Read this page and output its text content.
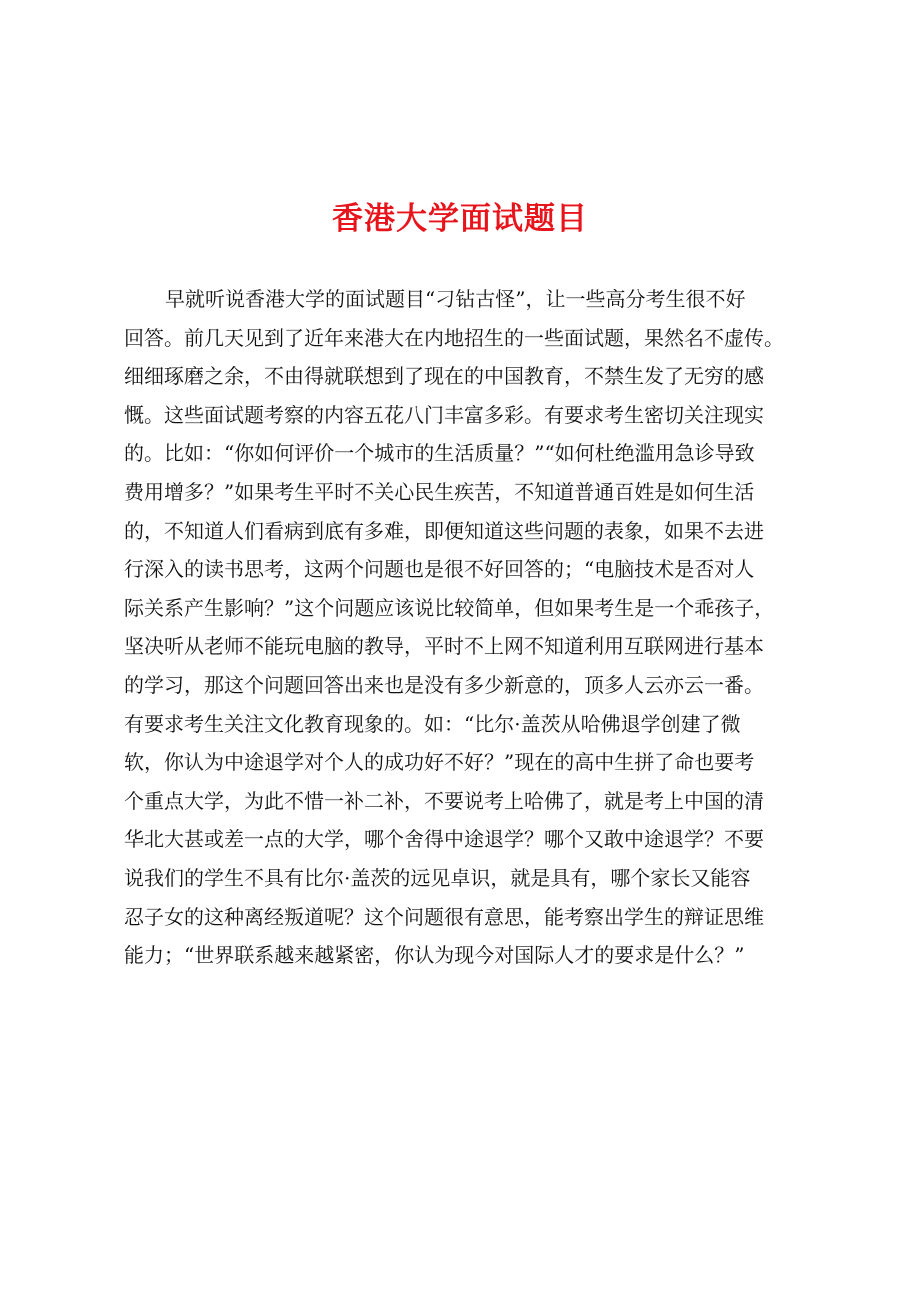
香港大学面试题目
早就听说香港大学的面试题目“刁钻古怪”，让一些高分考生很不好
回答。前几天见到了近年来港大在内地招生的一些面试题，果然名不虚传。
细细琢磨之余，不由得就联想到了现在的中国教育，不禁生发了无穷的感
慨。这些面试题考察的内容五花八门丰富多彩。有要求考生密切关注现实
的。比如：“你如何评价一个城市的生活质量？”“如何杜绝滥用急诊导致
费用增多？”如果考生平时不关心民生疾苦，不知道普通百姓是如何生活
的，不知道人们看病到底有多难，即便知道这些问题的表象，如果不去进
行深入的读书思考，这两个问题也是很不好回答的；“电脑技术是否对人
际关系产生影响？”这个问题应该说比较简单，但如果考生是一个乖孩子，
坚决听从老师不能玩电脑的教导，平时不上网不知道利用互联网进行基本
的学习，那这个问题回答出来也是没有多少新意的，顶多人云亦云一番。
有要求考生关注文化教育现象的。如：“比尔·盖茨从哈佛退学创建了微
软，你认为中途退学对个人的成功好不好？”现在的高中生拼了命也要考
个重点大学，为此不惜一补二补，不要说考上哈佛了，就是考上中国的清
华北大甚或差一点的大学，哪个舍得中途退学？哪个又敢中途退学？不要
说我们的学生不具有比尔·盖茨的远见卓识，就是具有，哪个家长又能容
忍子女的这种离经叛道呢？这个问题很有意思，能考察出学生的辩证思维
能力；“世界联系越来越紧密，你认为现今对国际人才的要求是什么？”
